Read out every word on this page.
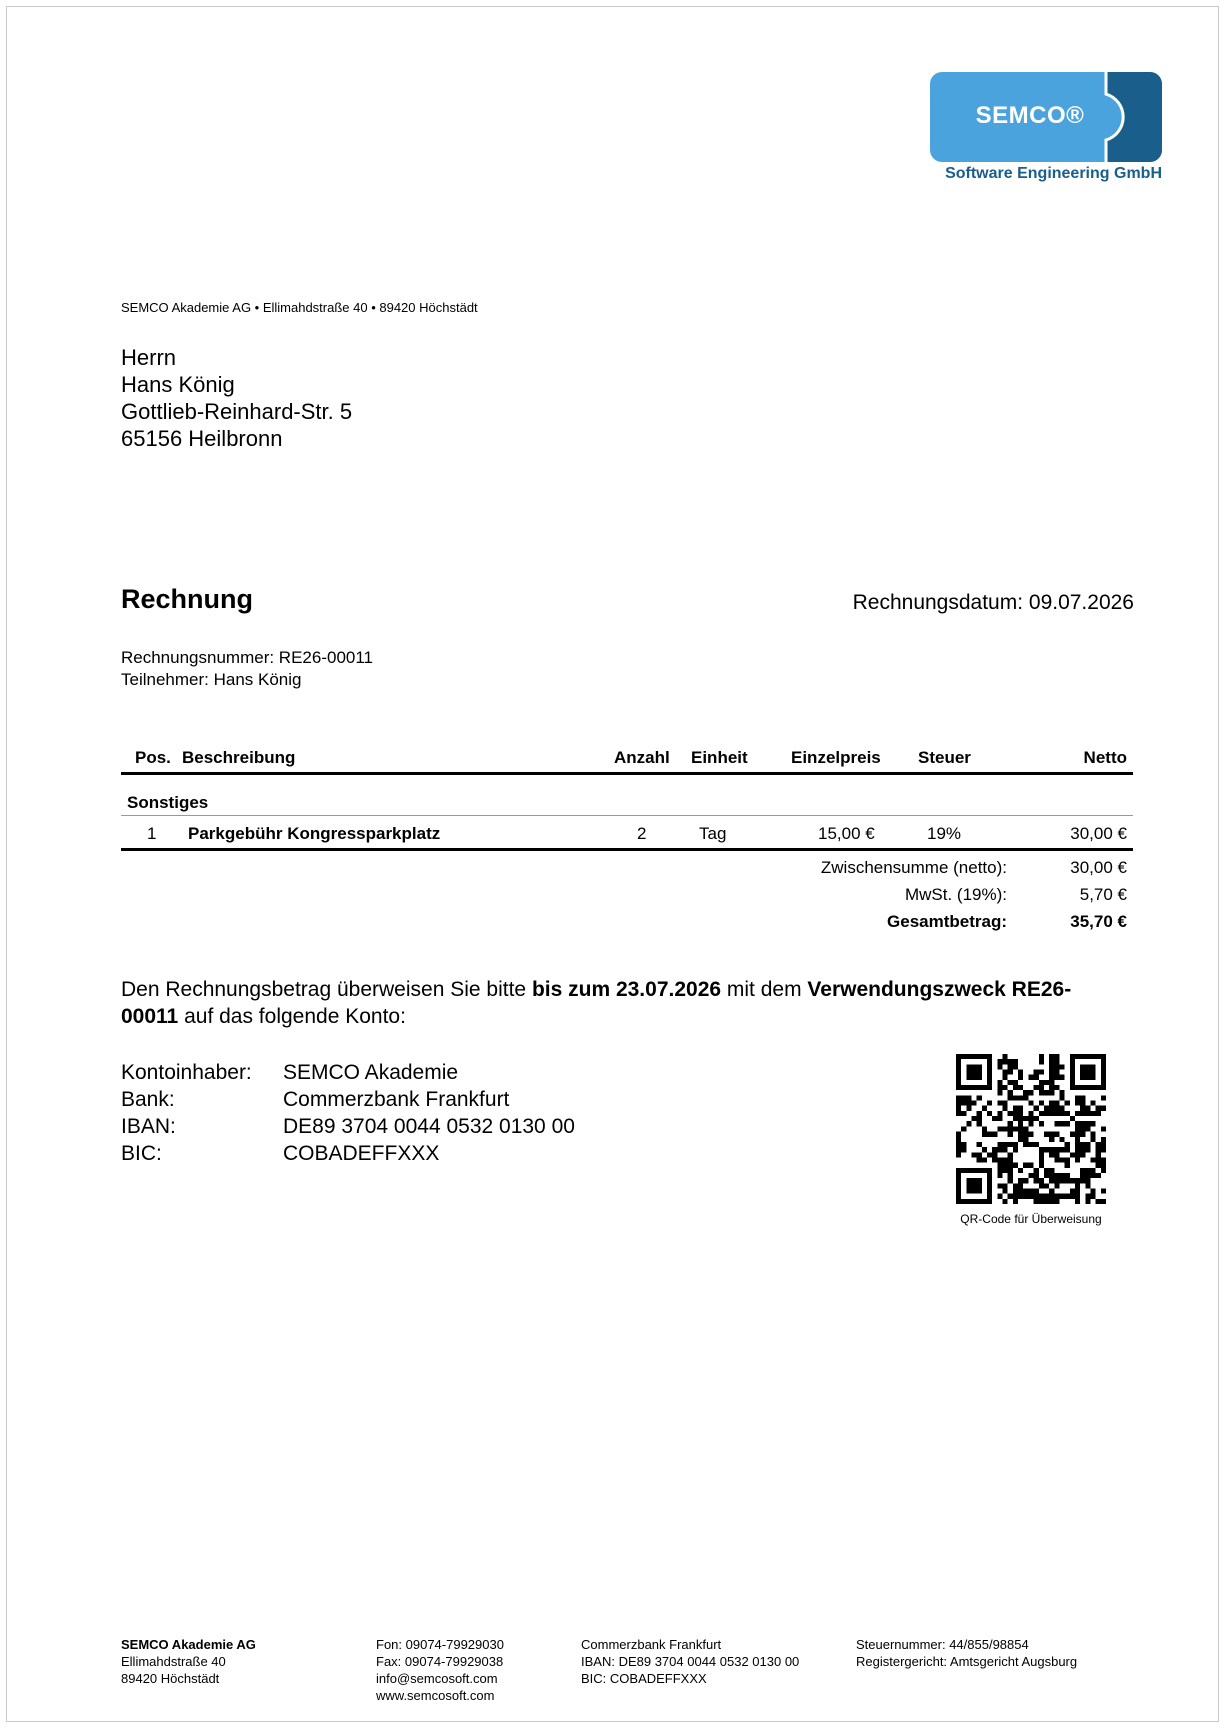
SEMCO®
Software Engineering GmbH
SEMCO Akademie AG • Ellimahdstraße 40 • 89420 Höchstädt
Herrn
Hans König
Gottlieb-Reinhard-Str. 5
65156 Heilbronn
Rechnung	Rechnungsdatum: 09.07.2026
Rechnungsnummer: RE26-00011
Teilnehmer: Hans König
Pos. Beschreibung	Anzahl Einheit	Einzelpreis Steuer	Netto
Sonstiges
1 Parkgebühr Kongressparkplatz	2	Tag	15,00 €	19%	30,00 €
Zwischensumme (netto):	30,00 €
MwSt. (19%):	5,70 €
Gesamtbetrag:	35,70 €
Den Rechnungsbetrag überweisen Sie bitte bis zum 23.07.2026 mit dem Verwendungszweck RE26-00011 auf das folgende Konto:
Kontoinhaber: SEMCO Akademie
Bank:	Commerzbank Frankfurt
IBAN:	DE89 3704 0044 0532 0130 00
BIC:	COBADEFFXXX
QR-Code für Überweisung
SEMCO Akademie AG
Ellimahdstraße 40
89420 Höchstädt
Fon: 09074-79929030
Fax: 09074-79929038
info@semcosoft.com
www.semcosoft.com
Commerzbank Frankfurt
IBAN: DE89 3704 0044 0532 0130 00
BIC: COBADEFFXXX
Steuernummer: 44/855/98854
Registergericht: Amtsgericht Augsburg
